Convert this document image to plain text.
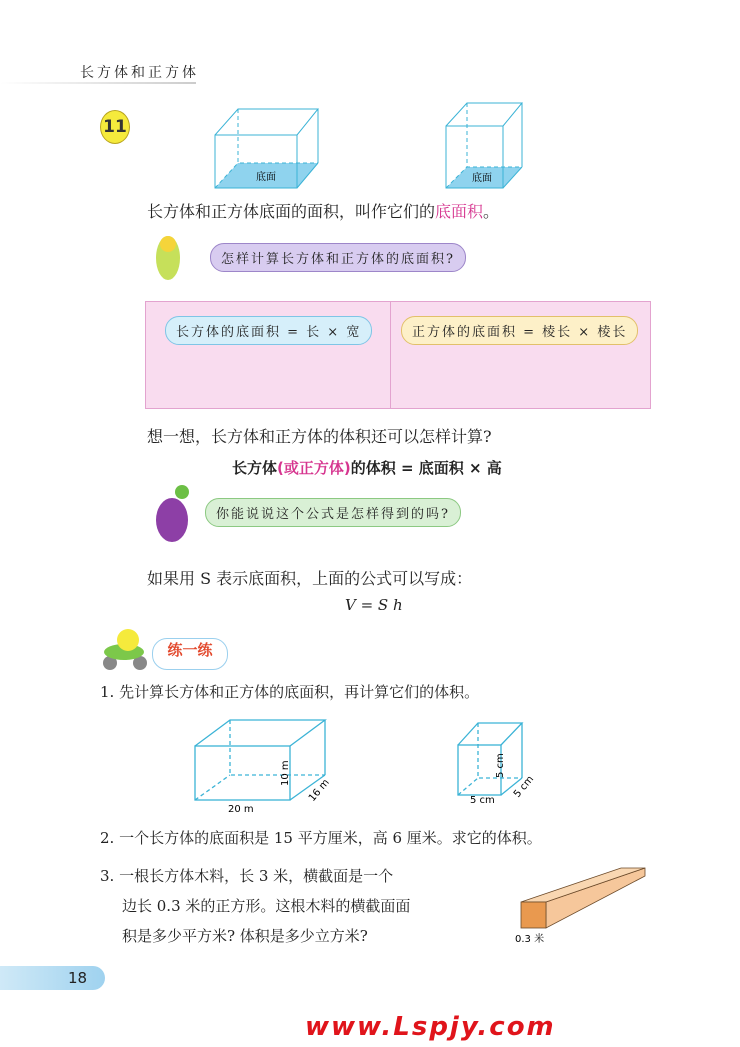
长方体和正方体
11
底面	底面
20 m
16 m
10 m
5 cm
5 cm
5 cm
0.3 米
长方体和正方体底面的面积，叫作它们的底面积。
怎样计算长方体和正方体的底面积?
长方体的底面积 = 长 × 宽	正方体的底面积 = 棱长 × 棱长
想一想，长方体和正方体的体积还可以怎样计算?
长方体(或正方体)的体积 = 底面积 × 高
你能说说这个公式是怎样得到的吗?
如果用 S 表示底面积，上面的公式可以写成：
V = S h
练一练
1. 先计算长方体和正方体的底面积，再计算它们的体积。
2. 一个长方体的底面积是 15 平方厘米，高 6 厘米。求它的体积。
3. 一根长方体木料，长 3 米，横截面是一个
边长 0.3 米的正方形。这根木料的横截面面
积是多少平方米? 体积是多少立方米?
18
www.Lspjy.com
